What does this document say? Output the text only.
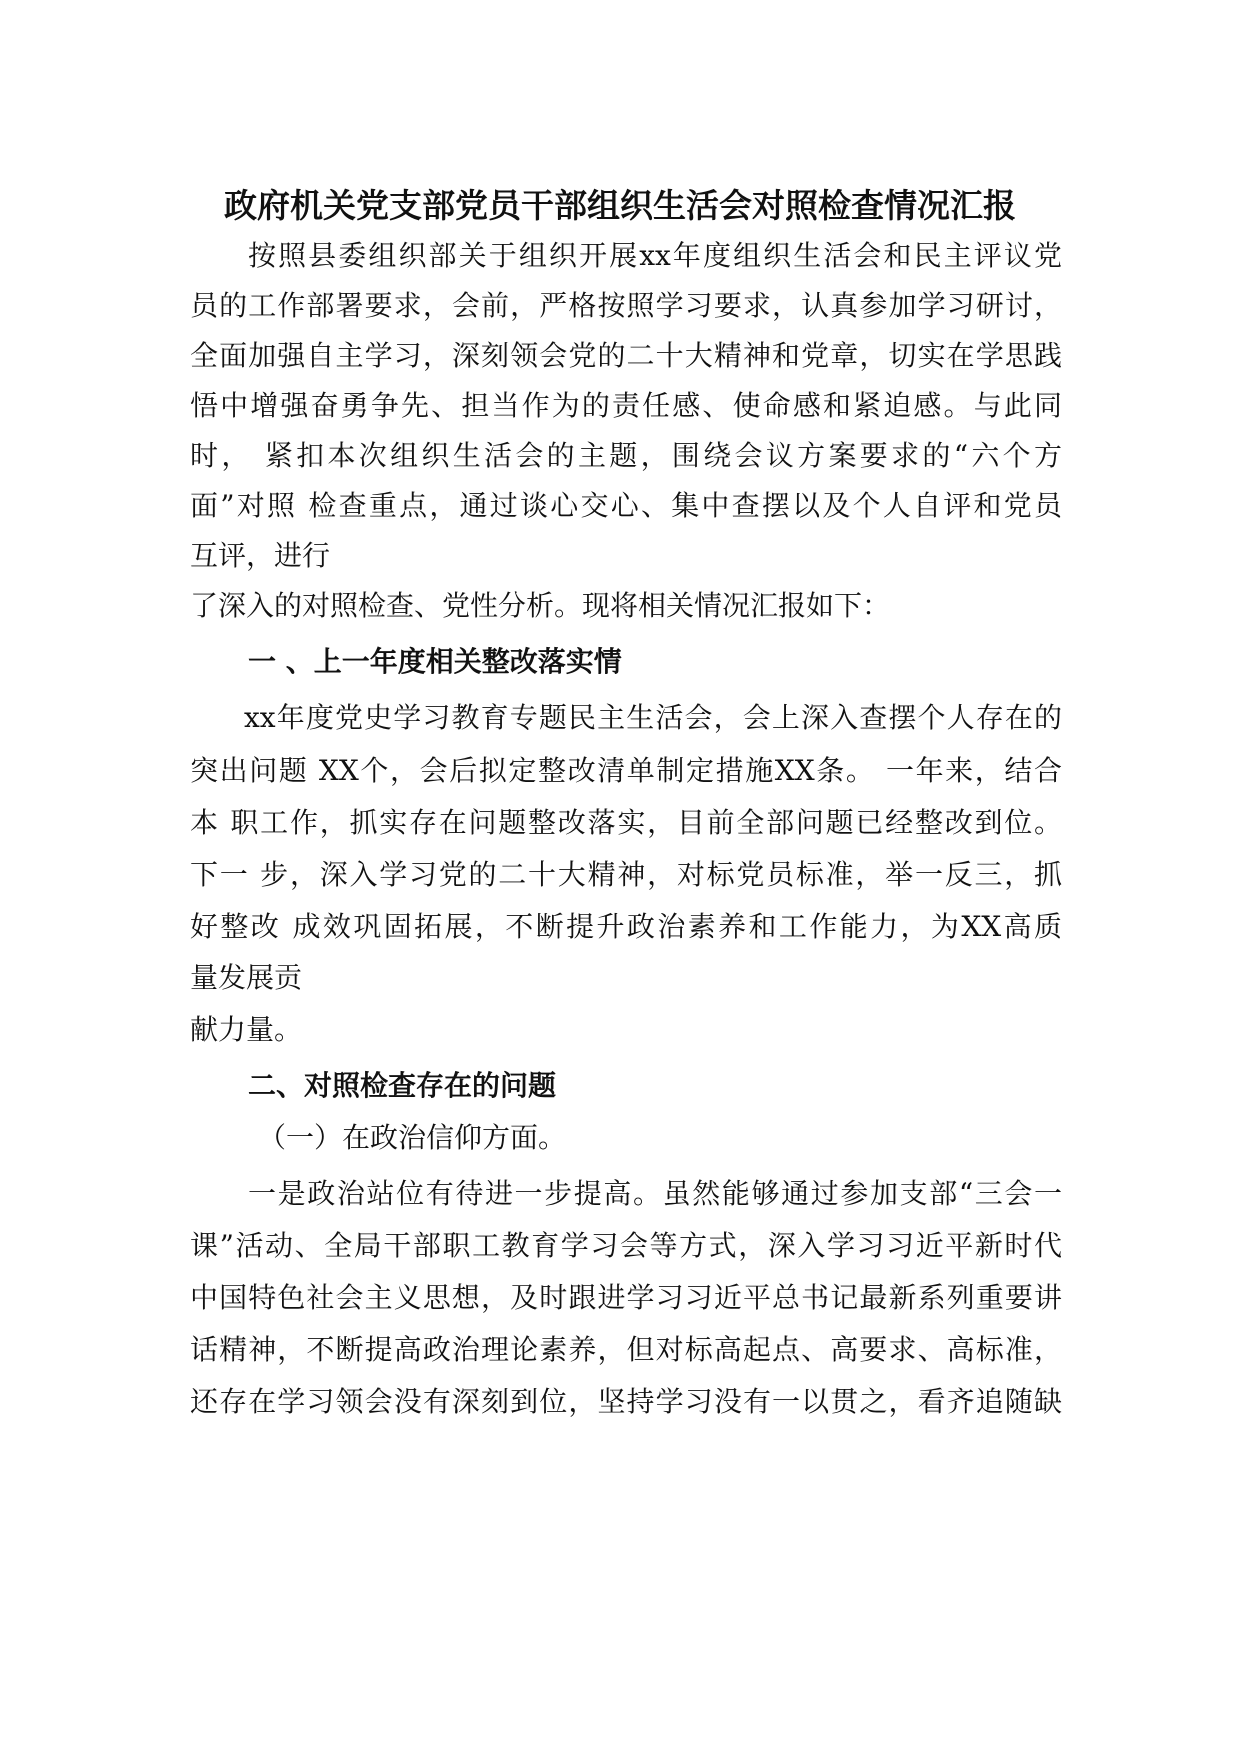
政府机关党支部党员干部组织生活会对照检查情况汇报
按照县委组织部关于组织开展xx年度组织生活会和民主评议党
员的工作部署要求，会前，严格按照学习要求，认真参加学习研讨，
全面加强自主学习，深刻领会党的二十大精神和党章，切实在学思践
悟中增强奋勇争先、担当作为的责任感、使命感和紧迫感。与此同
时， 紧扣本次组织生活会的主题，围绕会议方案要求的“六个方
面”对照 检查重点，通过谈心交心、集中查摆以及个人自评和党员
互评，进行
了深入的对照检查、党性分析。现将相关情况汇报如下：
一 、上一年度相关整改落实情
xx年度党史学习教育专题民主生活会，会上深入查摆个人存在的
突出问题 XX个，会后拟定整改清单制定措施XX条。 一年来，结合
本 职工作，抓实存在问题整改落实，目前全部问题已经整改到位。
下一 步，深入学习党的二十大精神，对标党员标准，举一反三，抓
好整改 成效巩固拓展，不断提升政治素养和工作能力，为XX高质
量发展贡
献力量。
二、对照检查存在的问题
（一）在政治信仰方面。
一是政治站位有待进一步提高。虽然能够通过参加支部“三会一
课”活动、全局干部职工教育学习会等方式，深入学习习近平新时代
中国特色社会主义思想，及时跟进学习习近平总书记最新系列重要讲
话精神，不断提高政治理论素养，但对标高起点、高要求、高标准，
还存在学习领会没有深刻到位，坚持学习没有一以贯之，看齐追随缺
